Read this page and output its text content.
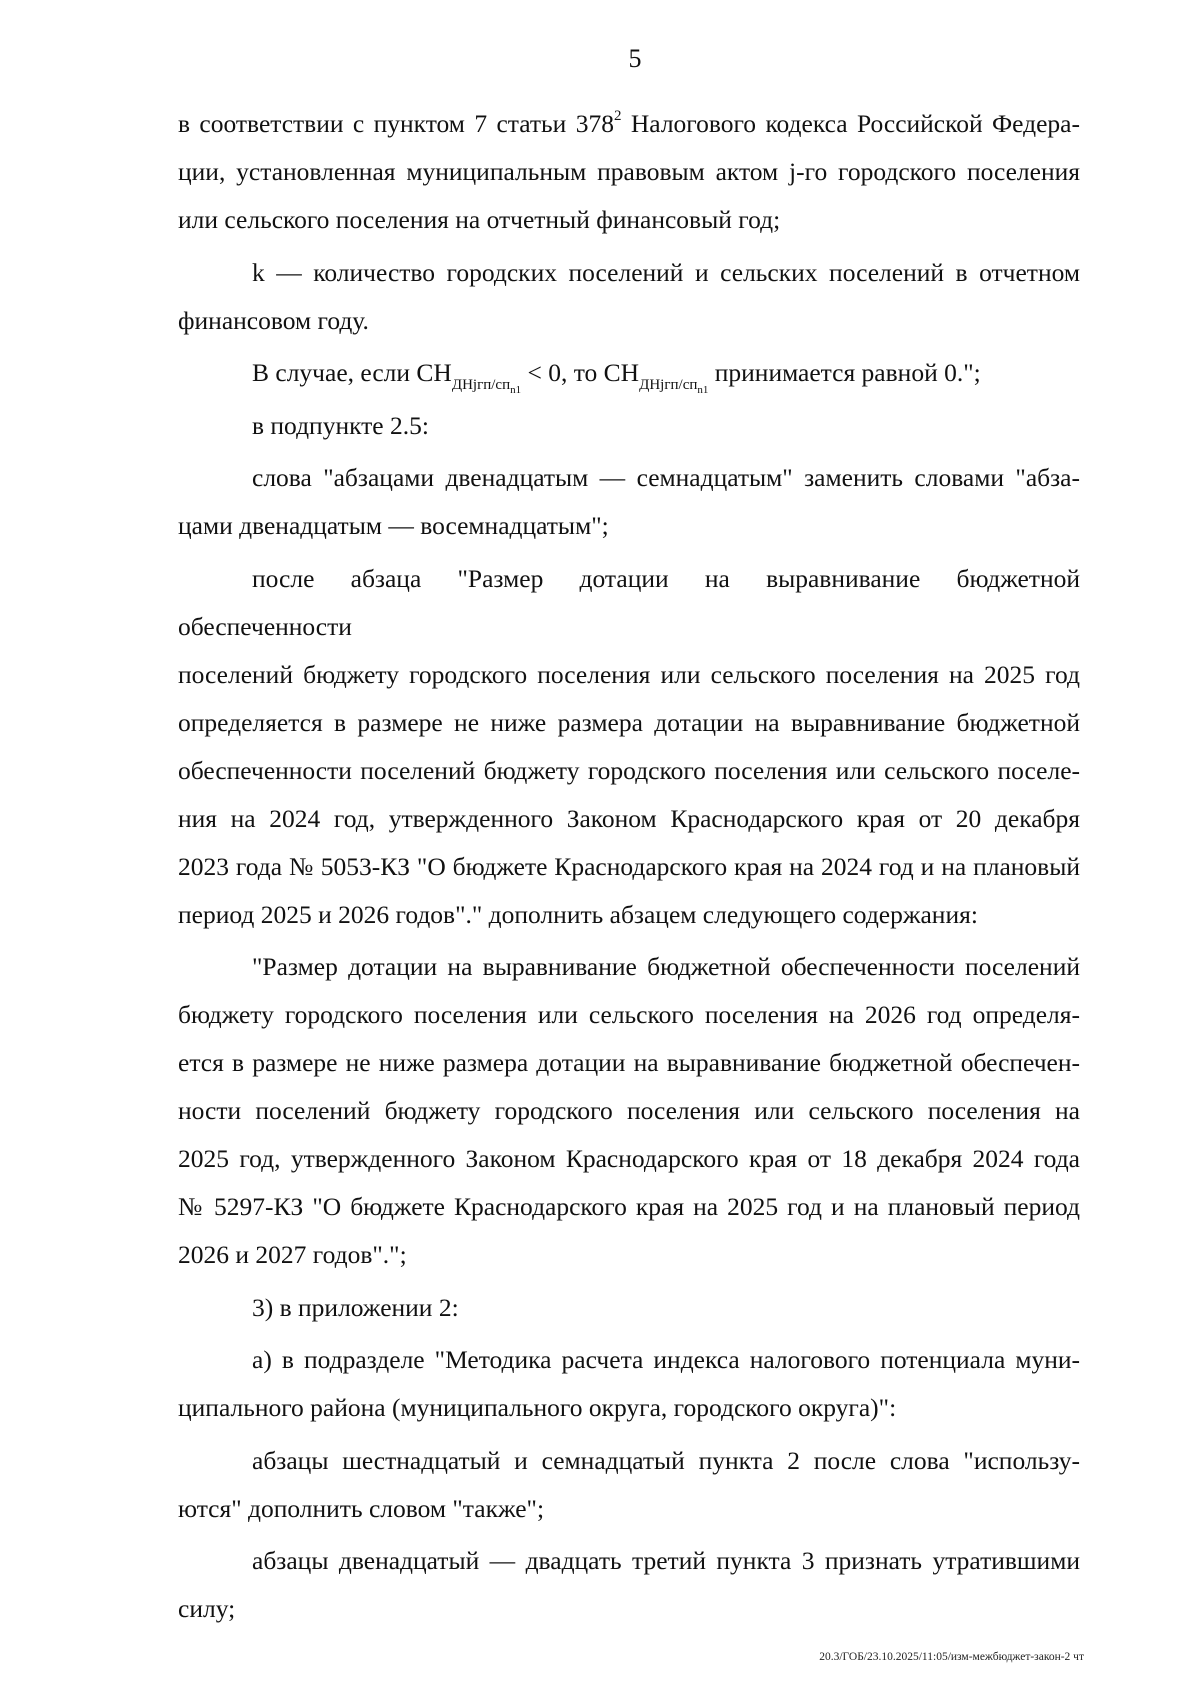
5
в соответствии с пунктом 7 статьи $378^2$ Налогового кодекса Российской Федера-
ции, установленная муниципальным правовым актом j-го городского поселения
или сельского поселения на отчетный финансовый год;
k — количество городских поселений и сельских поселений в отчетном
финансовом году.
В случае, если $СН_{ДНjгп/сп_{n1}} < 0$, то $СН_{ДНjгп/сп_{n1}}$ принимается равной 0.";
в подпункте 2.5:
слова "абзацами двенадцатым — семнадцатым" заменить словами "абза-
цами двенадцатым — восемнадцатым";
после абзаца "Размер дотации на выравнивание бюджетной обеспеченности
поселений бюджету городского поселения или сельского поселения на 2025 год
определяется в размере не ниже размера дотации на выравнивание бюджетной
обеспеченности поселений бюджету городского поселения или сельского поселе-
ния на 2024 год, утвержденного Законом Краснодарского края от 20 декабря
2023 года № 5053-КЗ "О бюджете Краснодарского края на 2024 год и на плановый
период 2025 и 2026 годов"." дополнить абзацем следующего содержания:
"Размер дотации на выравнивание бюджетной обеспеченности поселений
бюджету городского поселения или сельского поселения на 2026 год определя-
ется в размере не ниже размера дотации на выравнивание бюджетной обеспечен-
ности поселений бюджету городского поселения или сельского поселения на
2025 год, утвержденного Законом Краснодарского края от 18 декабря 2024 года
№ 5297-КЗ "О бюджете Краснодарского края на 2025 год и на плановый период
2026 и 2027 годов".";
3) в приложении 2:
а) в подразделе "Методика расчета индекса налогового потенциала муни-
ципального района (муниципального округа, городского округа)":
абзацы шестнадцатый и семнадцатый пункта 2 после слова "использу-
ются" дополнить словом "также";
абзацы двенадцатый — двадцать третий пункта 3 признать утратившими
силу;
20.3/ГОБ/23.10.2025/11:05/изм-межбюджет-закон-2 чт
